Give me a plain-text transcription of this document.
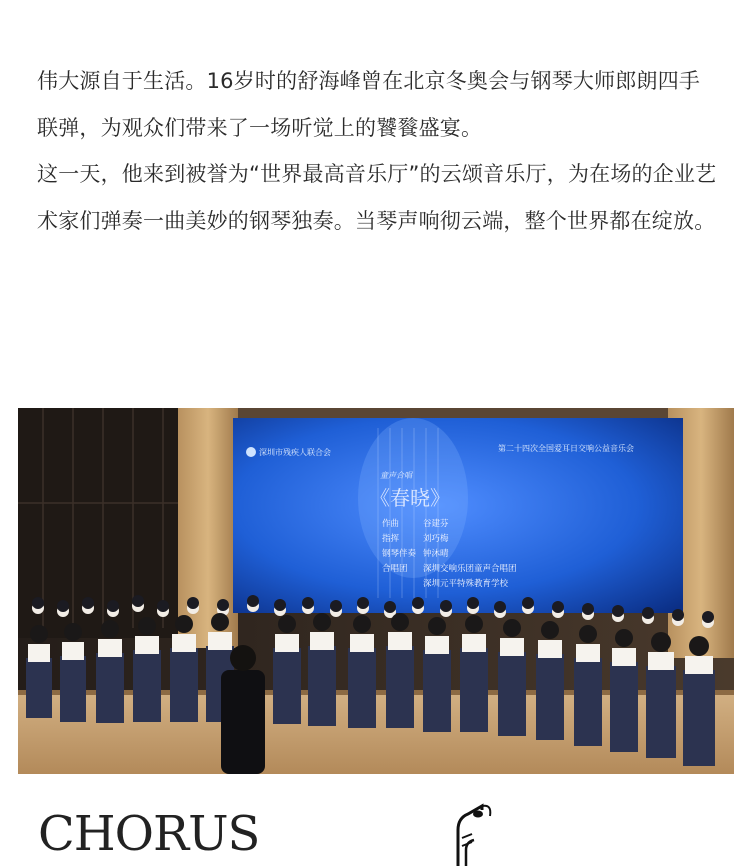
伟大源自于生活。16岁时的舒海峰曾在北京冬奥会与钢琴大师郎朗四手联弹，为观众们带来了一场听觉上的饕餮盛宴。

这一天，他来到被誉为“世界最高音乐厅”的云颂音乐厅，为在场的企业艺术家们弹奏一曲美妙的钢琴独奏。当琴声响彻云端，整个世界都在绽放。

深圳市残疾人联合会	第二十四次全国爱耳日交响公益音乐会
童声合唱
《春晓》
作曲	谷建芬
指挥	刘巧梅
钢琴伴奏 钟沐晴
合唱团 深圳交响乐团童声合唱团
深圳元平特殊教育学校
CHORUS
